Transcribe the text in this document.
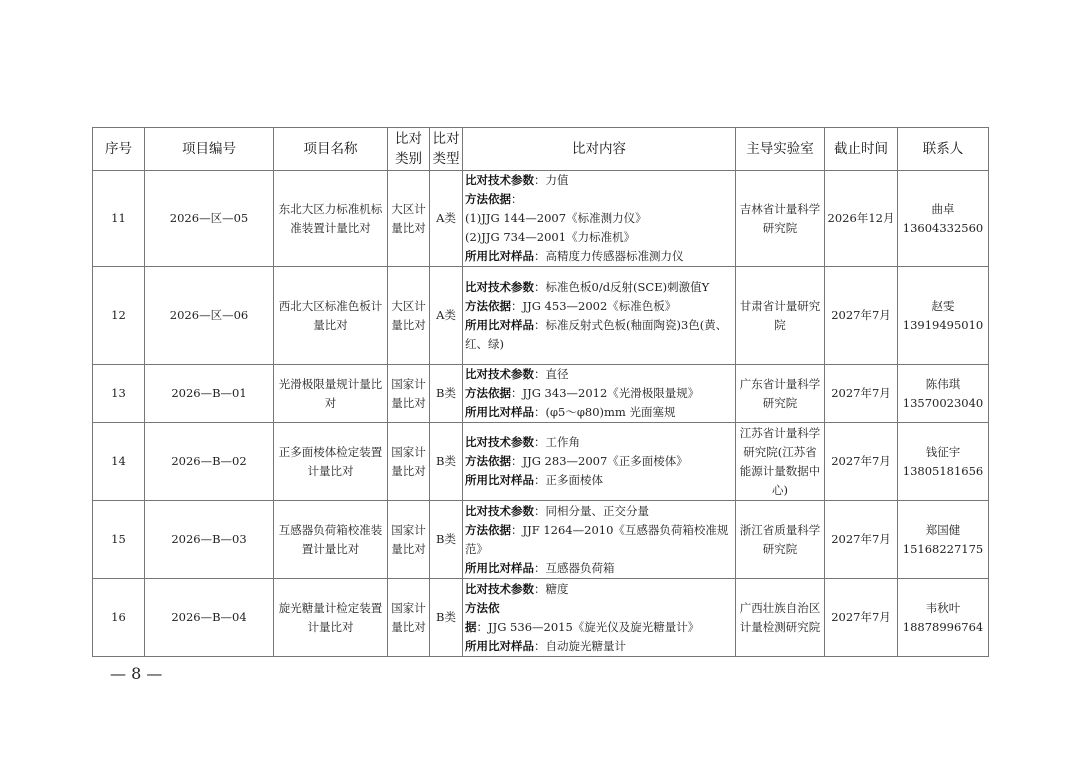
序号	项目编号	项目名称	比对类别	比对类型	比对内容	主导实验室	截止时间	联系人
11	2026—区—05	东北大区力标准机标准装置计量比对	大区计量比对	A类	比对技术参数：力值
方法依据：
(1)JJG 144—2007《标准测力仪》
(2)JJG 734—2001《力标准机》
所用比对样品：高精度力传感器标准测力仪	吉林省计量科学研究院	2026年12月	曲卓
13604332560

12	2026—区—06	西北大区标准色板计量比对	大区计量比对	A类	比对技术参数：标准色板0/d反射(SCE)刺激值Y
方法依据：JJG 453—2002《标准色板》
所用比对样品：标准反射式色板(釉面陶瓷)3色(黄、红、绿)	甘肃省计量研究院	2027年7月	赵雯
13919495010

13	2026—B—01	光滑极限量规计量比对	国家计量比对	B类	比对技术参数：直径
方法依据：JJG 343—2012《光滑极限量规》
所用比对样品：(φ5～φ80)mm 光面塞规	广东省计量科学研究院	2027年7月	陈伟琪
13570023040

14	2026—B—02	正多面棱体检定装置计量比对	国家计量比对	B类	比对技术参数：工作角
方法依据：JJG 283—2007《正多面棱体》
所用比对样品：正多面棱体	江苏省计量科学研究院(江苏省能源计量数据中心)	2027年7月	钱征宇
13805181656

15	2026—B—03	互感器负荷箱校准装置计量比对	国家计量比对	B类	比对技术参数：同相分量、正交分量
方法依据：JJF 1264—2010《互感器负荷箱校准规范》
所用比对样品：互感器负荷箱	浙江省质量科学研究院	2027年7月	郑国健
15168227175

16	2026—B—04	旋光糖量计检定装置计量比对	国家计量比对	B类	比对技术参数：糖度
方法依据：JJG 536—2015《旋光仪及旋光糖量计》
所用比对样品：自动旋光糖量计	广西壮族自治区计量检测研究院	2027年7月	韦秋叶
18878996764
— 8 —
